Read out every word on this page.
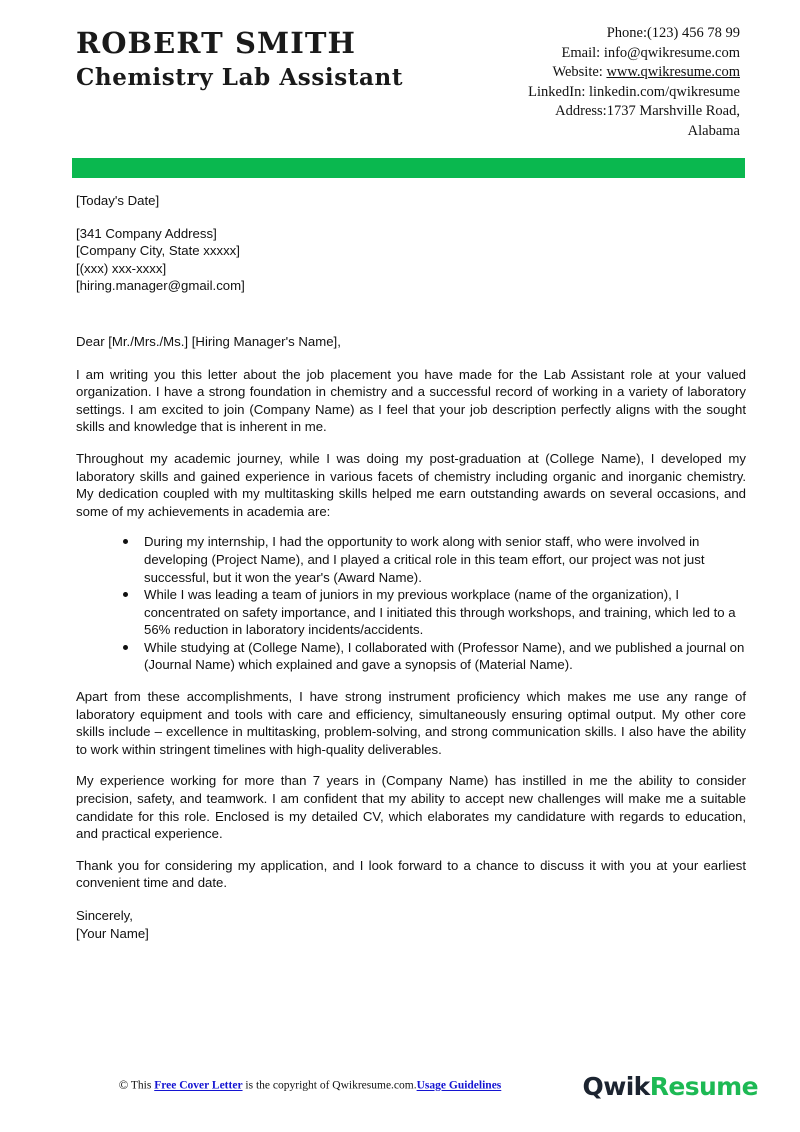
ROBERT SMITH
Chemistry Lab Assistant
Phone:(123) 456 78 99
Email: info@qwikresume.com
Website: www.qwikresume.com
LinkedIn: linkedin.com/qwikresume
Address:1737 Marshville Road,
Alabama
[Today's Date]
[341 Company Address]
[Company City, State xxxxx]
[(xxx) xxx-xxxx]
[hiring.manager@gmail.com]
Dear [Mr./Mrs./Ms.] [Hiring Manager's Name],

I am writing you this letter about the job placement you have made for the Lab Assistant role at your valued organization. I have a strong foundation in chemistry and a successful record of working in a variety of laboratory settings. I am excited to join (Company Name) as I feel that your job description perfectly aligns with the sought skills and knowledge that is inherent in me.

Throughout my academic journey, while I was doing my post-graduation at (College Name), I developed my laboratory skills and gained experience in various facets of chemistry including organic and inorganic chemistry. My dedication coupled with my multitasking skills helped me earn outstanding awards on several occasions, and some of my achievements in academia are:

During my internship, I had the opportunity to work along with senior staff, who were involved in developing (Project Name), and I played a critical role in this team effort, our project was not just successful, but it won the year's (Award Name).
While I was leading a team of juniors in my previous workplace (name of the organization), I concentrated on safety importance, and I initiated this through workshops, and training, which led to a 56% reduction in laboratory incidents/accidents.
While studying at (College Name), I collaborated with (Professor Name), and we published a journal on (Journal Name) which explained and gave a synopsis of (Material Name).

Apart from these accomplishments, I have strong instrument proficiency which makes me use any range of laboratory equipment and tools with care and efficiency, simultaneously ensuring optimal output. My other core skills include – excellence in multitasking, problem-solving, and strong communication skills. I also have the ability to work within stringent timelines with high-quality deliverables.

My experience working for more than 7 years in (Company Name) has instilled in me the ability to consider precision, safety, and teamwork. I am confident that my ability to accept new challenges will make me a suitable candidate for this role. Enclosed is my detailed CV, which elaborates my candidature with regards to education, and practical experience.

Thank you for considering my application, and I look forward to a chance to discuss it with you at your earliest convenient time and date.

Sincerely,
[Your Name]
© This Free Cover Letter is the copyright of Qwikresume.com.Usage Guidelines	QwikResume
